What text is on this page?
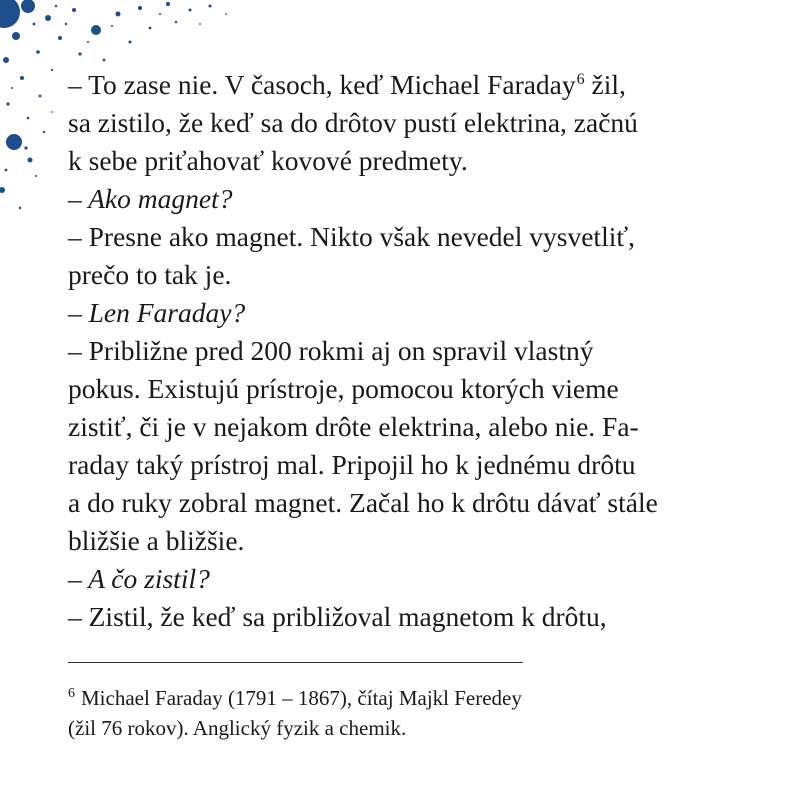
– To zase nie. V časoch, keď Michael Faraday$^6$ žil,
sa zistilo, že keď sa do drôtov pustí elektrina, začnú
k sebe priťahovať kovové predmety.
– Ako magnet?
– Presne ako magnet. Nikto však nevedel vysvetliť,
prečo to tak je.
– Len Faraday?
– Približne pred 200 rokmi aj on spravil vlastný
pokus. Existujú prístroje, pomocou ktorých vieme
zistiť, či je v nejakom drôte elektrina, alebo nie. Fa-
raday taký prístroj mal. Pripojil ho k jednému drôtu
a do ruky zobral magnet. Začal ho k drôtu dávať stále
bližšie a bližšie.
– A čo zistil?
– Zistil, že keď sa približoval magnetom k drôtu,
$^6$ Michael Faraday (1791 – 1867), čítaj Majkl Feredey
(žil 76 rokov). Anglický fyzik a chemik.
